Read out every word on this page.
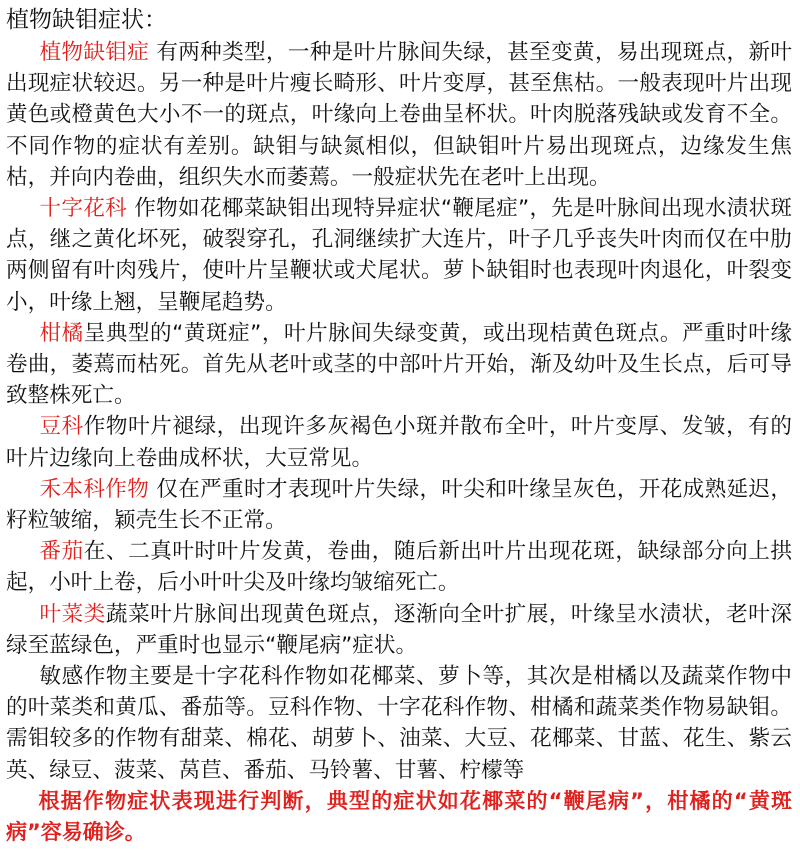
植物缺钼症状：

植物缺钼症 有两种类型，一种是叶片脉间失绿，甚至变黄，易出现斑点，新叶出现症状较迟。另一种是叶片瘦长畸形、叶片变厚，甚至焦枯。一般表现叶片出现黄色或橙黄色大小不一的斑点，叶缘向上卷曲呈杯状。叶肉脱落残缺或发育不全。不同作物的症状有差别。缺钼与缺氮相似，但缺钼叶片易出现斑点，边缘发生焦枯，并向内卷曲，组织失水而萎蔫。一般症状先在老叶上出现。

十字花科 作物如花椰菜缺钼出现特异症状“鞭尾症”，先是叶脉间出现水渍状斑点，继之黄化坏死，破裂穿孔，孔洞继续扩大连片，叶子几乎丧失叶肉而仅在中肋两侧留有叶肉残片，使叶片呈鞭状或犬尾状。萝卜缺钼时也表现叶肉退化，叶裂变小，叶缘上翘，呈鞭尾趋势。

柑橘呈典型的“黄斑症”，叶片脉间失绿变黄，或出现桔黄色斑点。严重时叶缘卷曲，萎蔫而枯死。首先从老叶或茎的中部叶片开始，渐及幼叶及生长点，后可导致整株死亡。

豆科作物叶片褪绿，出现许多灰褐色小斑并散布全叶，叶片变厚、发皱，有的叶片边缘向上卷曲成杯状，大豆常见。

禾本科作物 仅在严重时才表现叶片失绿，叶尖和叶缘呈灰色，开花成熟延迟，籽粒皱缩，颖壳生长不正常。

番茄在、二真叶时叶片发黄，卷曲，随后新出叶片出现花斑，缺绿部分向上拱起，小叶上卷，后小叶叶尖及叶缘均皱缩死亡。

叶菜类蔬菜叶片脉间出现黄色斑点，逐渐向全叶扩展，叶缘呈水渍状，老叶深绿至蓝绿色，严重时也显示“鞭尾病”症状。

敏感作物主要是十字花科作物如花椰菜、萝卜等，其次是柑橘以及蔬菜作物中的叶菜类和黄瓜、番茄等。豆科作物、十字花科作物、柑橘和蔬菜类作物易缺钼。需钼较多的作物有甜菜、棉花、胡萝卜、油菜、大豆、花椰菜、甘蓝、花生、紫云英、绿豆、菠菜、莴苣、番茄、马铃薯、甘薯、柠檬等

根据作物症状表现进行判断，典型的症状如花椰菜的“鞭尾病”，柑橘的“黄斑病”容易确诊。
